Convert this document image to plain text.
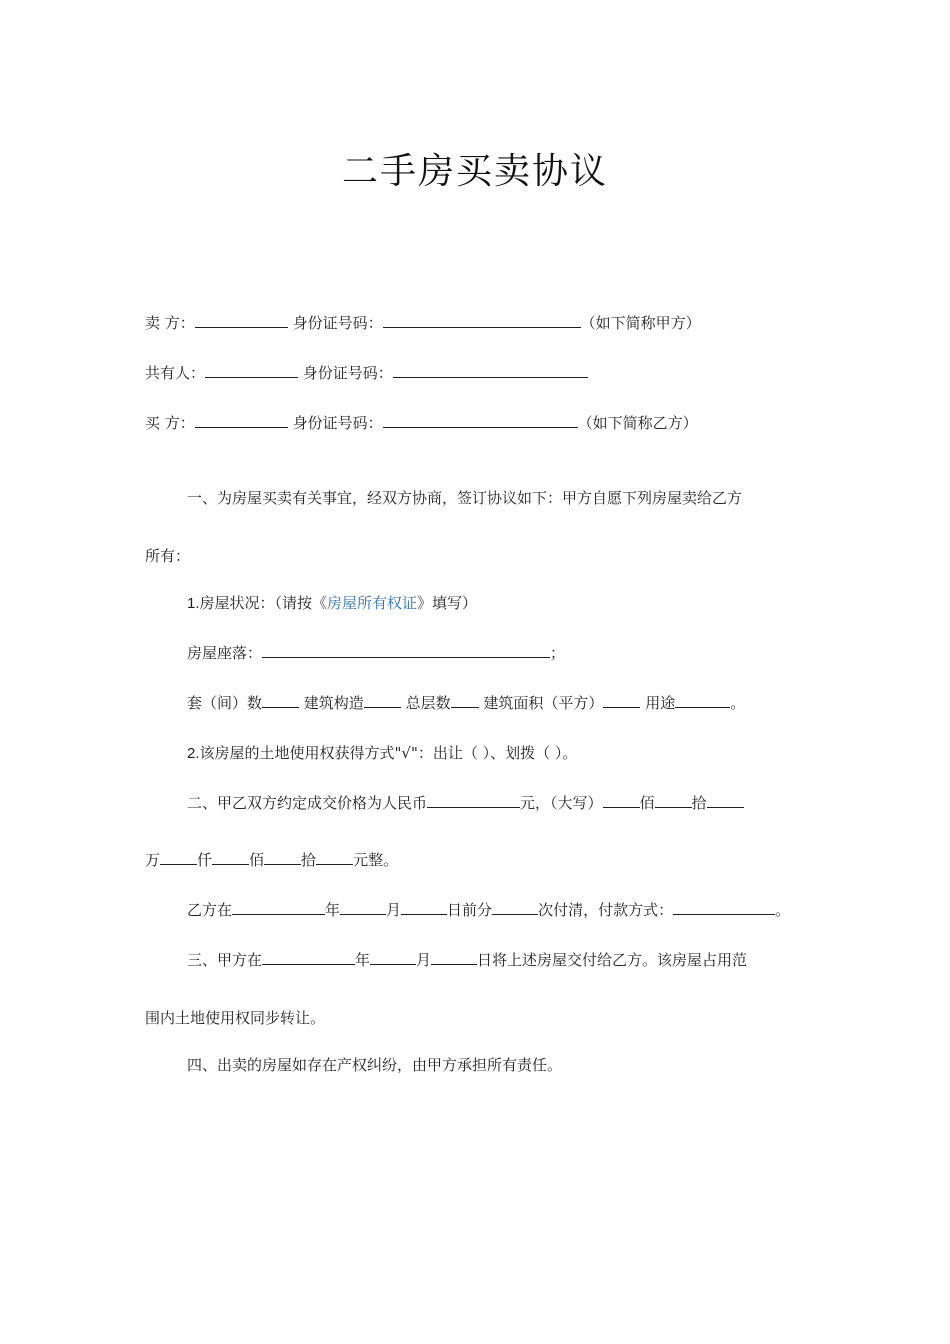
二手房买卖协议
卖 方：	身份证号码：	（如下简称甲方）
共有人：	身份证号码：
买 方：	身份证号码：	（如下简称乙方）
一、为房屋买卖有关事宜，经双方协商，签订协议如下：甲方自愿下列房屋卖给乙方
所有：
1.房屋状况：（请按《房屋所有权证》填写）
房屋座落：	；
套（间）数	建筑构造	总层数 建筑面积（平方）	用途	。
2.该房屋的土地使用权获得方式"√"：出让（ ）、划拨（ ）。
二、甲乙双方约定成交价格为人民币	元，（大写） 佰 拾
万 仟 佰 拾 元整。
乙方在	年	月	日前分	次付清，付款方式：	。
三、甲方在	年	月	日将上述房屋交付给乙方。该房屋占用范
围内土地使用权同步转让。
四、出卖的房屋如存在产权纠纷，由甲方承担所有责任。
